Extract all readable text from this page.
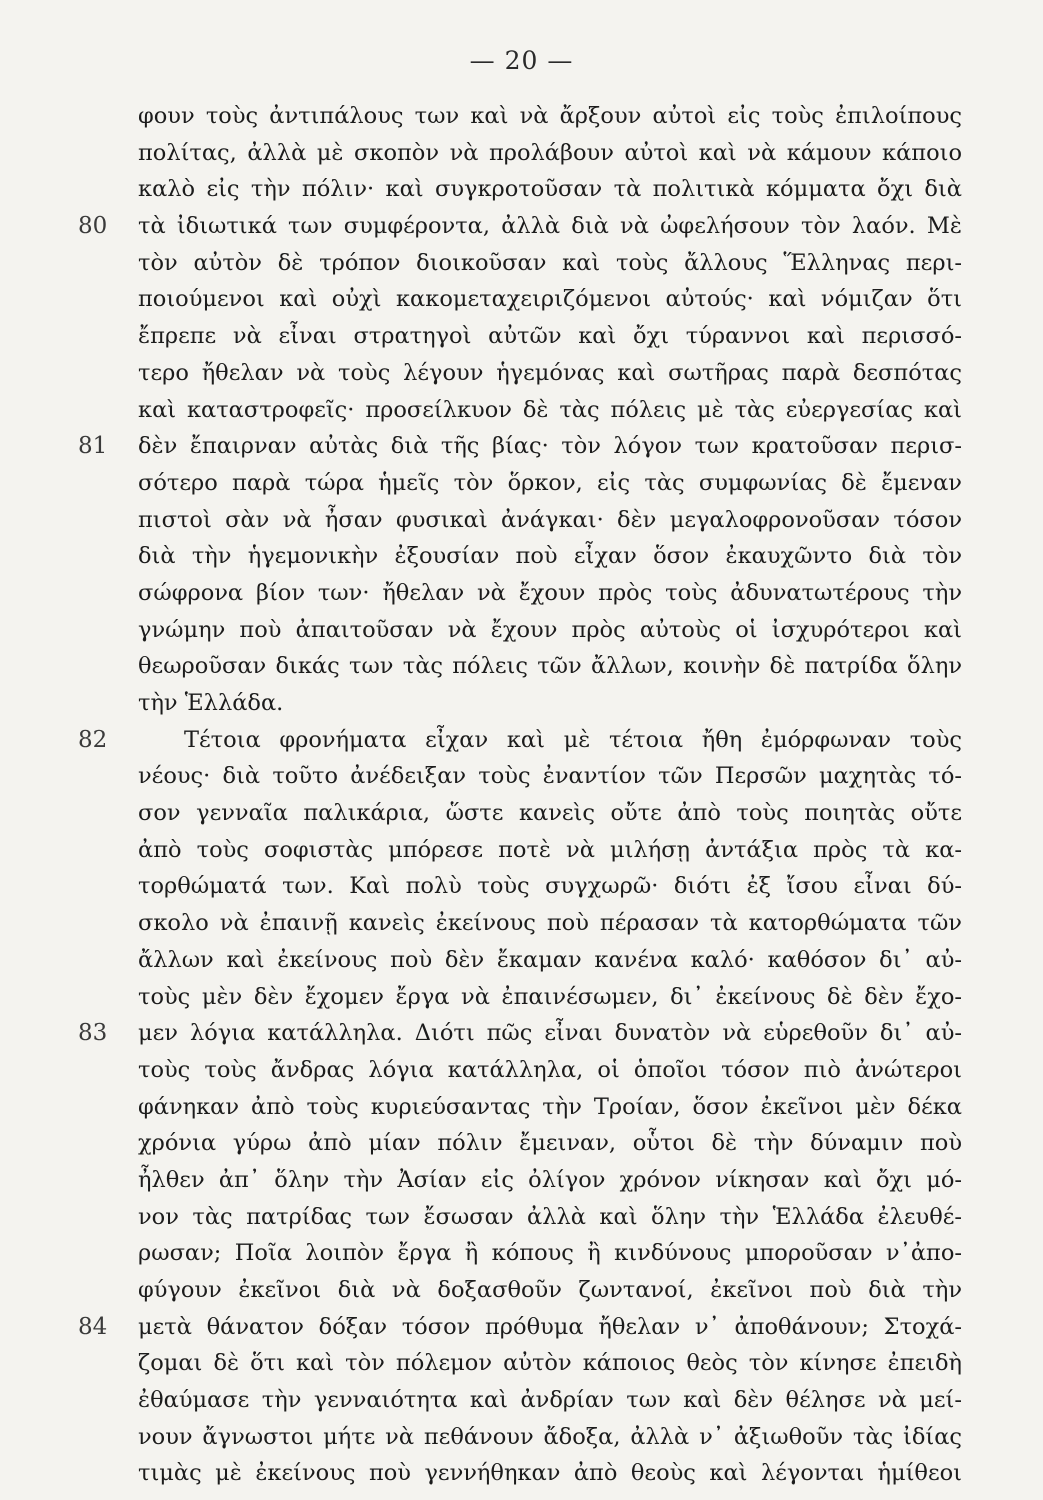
— 20 —
φουν τοὺς ἀντιπάλους των καὶ νὰ ἄρξουν αὐτοὶ εἰς τοὺς ἐπιλοίπους
πολίτας, ἀλλὰ μὲ σκοπὸν νὰ προλάβουν αὐτοὶ καὶ νὰ κάμουν κάποιο
καλὸ εἰς τὴν πόλιν· καὶ συγκροτοῦσαν τὰ πολιτικὰ κόμματα ὄχι διὰ
τὰ ἰδιωτικά των συμφέροντα, ἀλλὰ διὰ νὰ ὠφελήσουν τὸν λαόν. Μὲ
80
τὸν αὐτὸν δὲ τρόπον διοικοῦσαν καὶ τοὺς ἄλλους Ἕλληνας περι-
ποιούμενοι καὶ οὐχὶ κακομεταχειριζόμενοι αὐτούς· καὶ νόμιζαν ὅτι
ἔπρεπε νὰ εἶναι στρατηγοὶ αὐτῶν καὶ ὄχι τύραννοι καὶ περισσό-
τερο ἤθελαν νὰ τοὺς λέγουν ἡγεμόνας καὶ σωτῆρας παρὰ δεσπότας
καὶ καταστροφεῖς· προσείλκυον δὲ τὰς πόλεις μὲ τὰς εὐεργεσίας καὶ
δὲν ἔπαιρναν αὐτὰς διὰ τῆς βίας· τὸν λόγον των κρατοῦσαν περισ-
81
σότερο παρὰ τώρα ἡμεῖς τὸν ὅρκον, εἰς τὰς συμφωνίας δὲ ἔμεναν
πιστοὶ σὰν νὰ ἦσαν φυσικαὶ ἀνάγκαι· δὲν μεγαλοφρονοῦσαν τόσον
διὰ τὴν ἡγεμονικὴν ἐξουσίαν ποὺ εἶχαν ὅσον ἐκαυχῶντο διὰ τὸν
σώφρονα βίον των· ἤθελαν νὰ ἔχουν πρὸς τοὺς ἀδυνατωτέρους τὴν
γνώμην ποὺ ἀπαιτοῦσαν νὰ ἔχουν πρὸς αὐτοὺς οἱ ἰσχυρότεροι καὶ
θεωροῦσαν δικάς των τὰς πόλεις τῶν ἄλλων, κοινὴν δὲ πατρίδα ὅλην
τὴν Ἑλλάδα.
Τέτοια φρονήματα εἶχαν καὶ μὲ τέτοια ἤθη ἐμόρφωναν τοὺς
82
νέους· διὰ τοῦτο ἀνέδειξαν τοὺς ἐναντίον τῶν Περσῶν μαχητὰς τό-
σον γενναῖα παλικάρια, ὥστε κανεὶς οὔτε ἀπὸ τοὺς ποιητὰς οὔτε
ἀπὸ τοὺς σοφιστὰς μπόρεσε ποτὲ νὰ μιλήσῃ ἀντάξια πρὸς τὰ κα-
τορθώματά των. Καὶ πολὺ τοὺς συγχωρῶ· διότι ἐξ ἴσου εἶναι δύ-
σκολο νὰ ἐπαινῇ κανεὶς ἐκείνους ποὺ πέρασαν τὰ κατορθώματα τῶν
ἄλλων καὶ ἐκείνους ποὺ δὲν ἔκαμαν κανένα καλό· καθόσον δι᾽ αὐ-
τοὺς μὲν δὲν ἔχομεν ἔργα νὰ ἐπαινέσωμεν, δι᾽ ἐκείνους δὲ δὲν ἔχο-
μεν λόγια κατάλληλα. Διότι πῶς εἶναι δυνατὸν νὰ εὑρεθοῦν δι᾽ αὐ-
83
τοὺς τοὺς ἄνδρας λόγια κατάλληλα, οἱ ὁποῖοι τόσον πιὸ ἀνώτεροι
φάνηκαν ἀπὸ τοὺς κυριεύσαντας τὴν Τροίαν, ὅσον ἐκεῖνοι μὲν δέκα
χρόνια γύρω ἀπὸ μίαν πόλιν ἔμειναν, οὗτοι δὲ τὴν δύναμιν ποὺ
ἦλθεν ἀπ᾽ ὅλην τὴν Ἀσίαν εἰς ὀλίγον χρόνον νίκησαν καὶ ὄχι μό-
νον τὰς πατρίδας των ἔσωσαν ἀλλὰ καὶ ὅλην τὴν Ἑλλάδα ἐλευθέ-
ρωσαν; Ποῖα λοιπὸν ἔργα ἢ κόπους ἢ κινδύνους μποροῦσαν ν᾽ἀπο-
φύγουν ἐκεῖνοι διὰ νὰ δοξασθοῦν ζωντανοί, ἐκεῖνοι ποὺ διὰ τὴν
μετὰ θάνατον δόξαν τόσον πρόθυμα ἤθελαν ν᾽ ἀποθάνουν; Στοχά-
84
ζομαι δὲ ὅτι καὶ τὸν πόλεμον αὐτὸν κάποιος θεὸς τὸν κίνησε ἐπειδὴ
ἐθαύμασε τὴν γενναιότητα καὶ ἀνδρίαν των καὶ δὲν θέλησε νὰ μεί-
νουν ἄγνωστοι μήτε νὰ πεθάνουν ἄδοξα, ἀλλὰ ν᾽ ἀξιωθοῦν τὰς ἰδίας
τιμὰς μὲ ἐκείνους ποὺ γεννήθηκαν ἀπὸ θεοὺς καὶ λέγονται ἡμίθεοι
